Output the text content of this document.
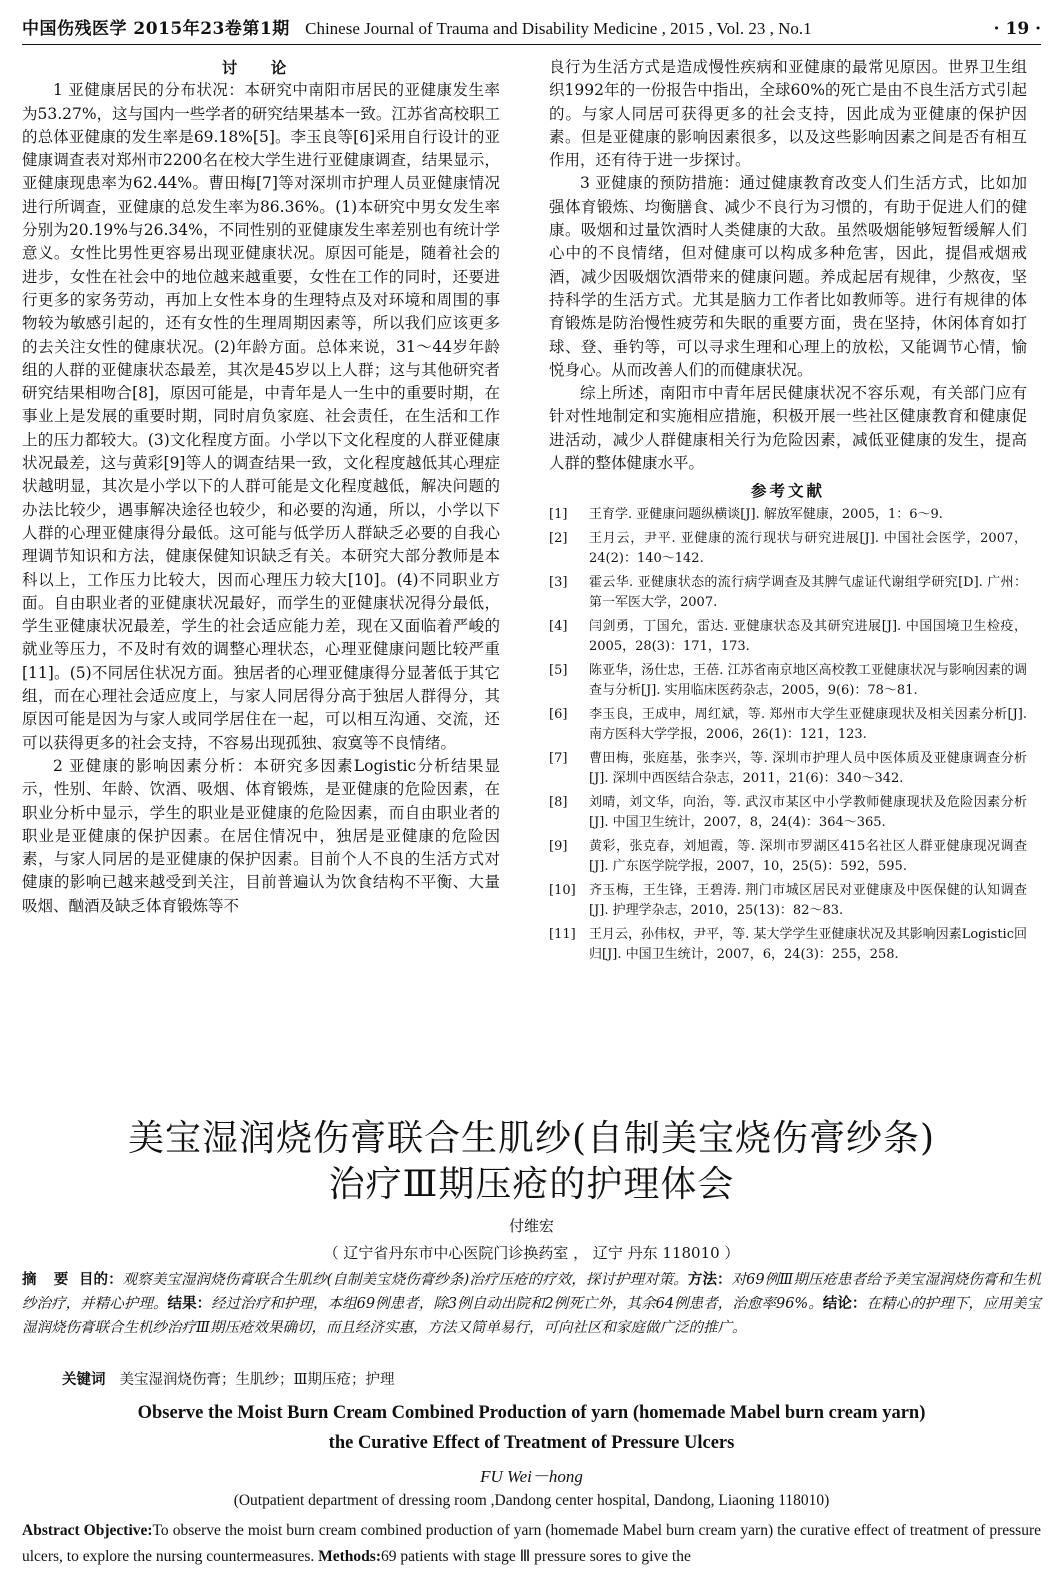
中国伤残医学 2015年23卷第1期 Chinese Journal of Trauma and Disability Medicine , 2015 , Vol. 23 , No.1	· 19 ·

讨 论

1 亚健康居民的分布状况：本研究中南阳市居民的亚健康发生率为53.27%，这与国内一些学者的研究结果基本一致。江苏省高校职工的总体亚健康的发生率是69.18%[5]。李玉良等[6]采用自行设计的亚健康调查表对郑州市2200名在校大学生进行亚健康调查，结果显示，亚健康现患率为62.44%。曹田梅[7]等对深圳市护理人员亚健康情况进行所调查，亚健康的总发生率为86.36%。(1)本研究中男女发生率分别为20.19%与26.34%，不同性别的亚健康发生率差别也有统计学意义。女性比男性更容易出现亚健康状况。原因可能是，随着社会的进步，女性在社会中的地位越来越重要，女性在工作的同时，还要进行更多的家务劳动，再加上女性本身的生理特点及对环境和周围的事物较为敏感引起的，还有女性的生理周期因素等，所以我们应该更多的去关注女性的健康状况。(2)年龄方面。总体来说，31～44岁年龄组的人群的亚健康状态最差，其次是45岁以上人群；这与其他研究者研究结果相吻合[8]，原因可能是，中青年是人一生中的重要时期，在事业上是发展的重要时期，同时肩负家庭、社会责任，在生活和工作上的压力都较大。(3)文化程度方面。小学以下文化程度的人群亚健康状况最差，这与黄彩[9]等人的调查结果一致，文化程度越低其心理症状越明显，其次是小学以下的人群可能是文化程度越低，解决问题的办法比较少，遇事解决途径也较少，和必要的沟通，所以，小学以下人群的心理亚健康得分最低。这可能与低学历人群缺乏必要的自我心理调节知识和方法，健康保健知识缺乏有关。本研究大部分教师是本科以上，工作压力比较大，因而心理压力较大[10]。(4)不同职业方面。自由职业者的亚健康状况最好，而学生的亚健康状况得分最低，学生亚健康状况最差，学生的社会适应能力差，现在又面临着严峻的就业等压力，不及时有效的调整心理状态，心理亚健康问题比较严重[11]。(5)不同居住状况方面。独居者的心理亚健康得分显著低于其它组，而在心理社会适应度上，与家人同居得分高于独居人群得分，其原因可能是因为与家人或同学居住在一起，可以相互沟通、交流，还可以获得更多的社会支持，不容易出现孤独、寂寞等不良情绪。

2 亚健康的影响因素分析：本研究多因素Logistic分析结果显示，性别、年龄、饮酒、吸烟、体育锻炼，是亚健康的危险因素，在职业分析中显示，学生的职业是亚健康的危险因素，而自由职业者的职业是亚健康的保护因素。在居住情况中，独居是亚健康的危险因素，与家人同居的是亚健康的保护因素。目前个人不良的生活方式对健康的影响已越来越受到关注，目前普遍认为饮食结构不平衡、大量吸烟、酗酒及缺乏体育锻炼等不

良行为生活方式是造成慢性疾病和亚健康的最常见原因。世界卫生组织1992年的一份报告中指出，全球60%的死亡是由不良生活方式引起的。与家人同居可获得更多的社会支持，因此成为亚健康的保护因素。但是亚健康的影响因素很多，以及这些影响因素之间是否有相互作用，还有待于进一步探讨。

3 亚健康的预防措施：通过健康教育改变人们生活方式，比如加强体育锻炼、均衡膳食、减少不良行为习惯的，有助于促进人们的健康。吸烟和过量饮酒时人类健康的大敌。虽然吸烟能够短暂缓解人们心中的不良情绪，但对健康可以构成多种危害，因此，提倡戒烟戒酒，减少因吸烟饮酒带来的健康问题。养成起居有规律，少熬夜，坚持科学的生活方式。尤其是脑力工作者比如教师等。进行有规律的体育锻炼是防治慢性疲劳和失眠的重要方面，贵在坚持，休闲体育如打球、登、垂钓等，可以寻求生理和心理上的放松，又能调节心情，愉悦身心。从而改善人们的而健康状况。

综上所述，南阳市中青年居民健康状况不容乐观，有关部门应有针对性地制定和实施相应措施，积极开展一些社区健康教育和健康促进活动，减少人群健康相关行为危险因素，减低亚健康的发生，提高人群的整体健康水平。

参考文献

[1]	王育学. 亚健康问题纵横谈[J]. 解放军健康，2005，1：6～9.
[2]	王月云，尹平. 亚健康的流行现状与研究进展[J]. 中国社会医学，2007，24(2)：140～142.
[3]	霍云华. 亚健康状态的流行病学调查及其脾气虚证代谢组学研究[D]. 广州：第一军医大学，2007.
[4]	闫剑勇，丁国允，雷达. 亚健康状态及其研究进展[J]. 中国国境卫生检疫，2005，28(3)：171，173.
[5]	陈亚华，汤仕忠，王蓓. 江苏省南京地区高校教工亚健康状况与影响因素的调查与分析[J]. 实用临床医药杂志，2005，9(6)：78～81.
[6]	李玉良，王成申，周红斌，等. 郑州市大学生亚健康现状及相关因素分析[J]. 南方医科大学学报，2006，26(1)：121，123.
[7]	曹田梅，张庭基，张李兴，等. 深圳市护理人员中医体质及亚健康调查分析[J]. 深圳中西医结合杂志，2011，21(6)：340～342.
[8]	刘晴，刘文华，向治，等. 武汉市某区中小学教师健康现状及危险因素分析[J]. 中国卫生统计，2007，8，24(4)：364～365.
[9]	黄彩，张克春，刘旭霞，等. 深圳市罗湖区415名社区人群亚健康现况调查[J]. 广东医学院学报，2007，10，25(5)：592，595.
[10]	齐玉梅，王生锋，王碧涛. 荆门市城区居民对亚健康及中医保健的认知调查[J]. 护理学杂志，2010，25(13)：82～83.
[11]	王月云，孙伟权，尹平，等. 某大学学生亚健康状况及其影响因素Logistic回归[J]. 中国卫生统计，2007，6，24(3)：255，258.
美宝湿润烧伤膏联合生肌纱(自制美宝烧伤膏纱条)
治疗Ⅲ期压疮的护理体会
付维宏
（ 辽宁省丹东市中心医院门诊换药室 ， 辽宁 丹东 118010 ）
摘 要 目的：观察美宝湿润烧伤膏联合生肌纱(自制美宝烧伤膏纱条)治疗压疮的疗效，探讨护理对策。方法：对69例Ⅲ期压疮患者给予美宝湿润烧伤膏和生机纱治疗，并精心护理。结果：经过治疗和护理，本组69例患者，除3例自动出院和2例死亡外，其余64例患者，治愈率96%。结论：在精心的护理下，应用美宝湿润烧伤膏联合生机纱治疗Ⅲ期压疮效果确切，而且经济实惠，方法又简单易行，可向社区和家庭做广泛的推广。
关键词 美宝湿润烧伤膏；生肌纱；Ⅲ期压疮；护理
Observe the Moist Burn Cream Combined Production of yarn (homemade Mabel burn cream yarn)
the Curative Effect of Treatment of Pressure Ulcers
FU Wei－hong
(Outpatient department of dressing room ,Dandong center hospital, Dandong, Liaoning 118010)
Abstract Objective:To observe the moist burn cream combined production of yarn (homemade Mabel burn cream yarn) the curative effect of treatment of pressure ulcers, to explore the nursing countermeasures. Methods:69 patients with stage Ⅲ pressure sores to give the
